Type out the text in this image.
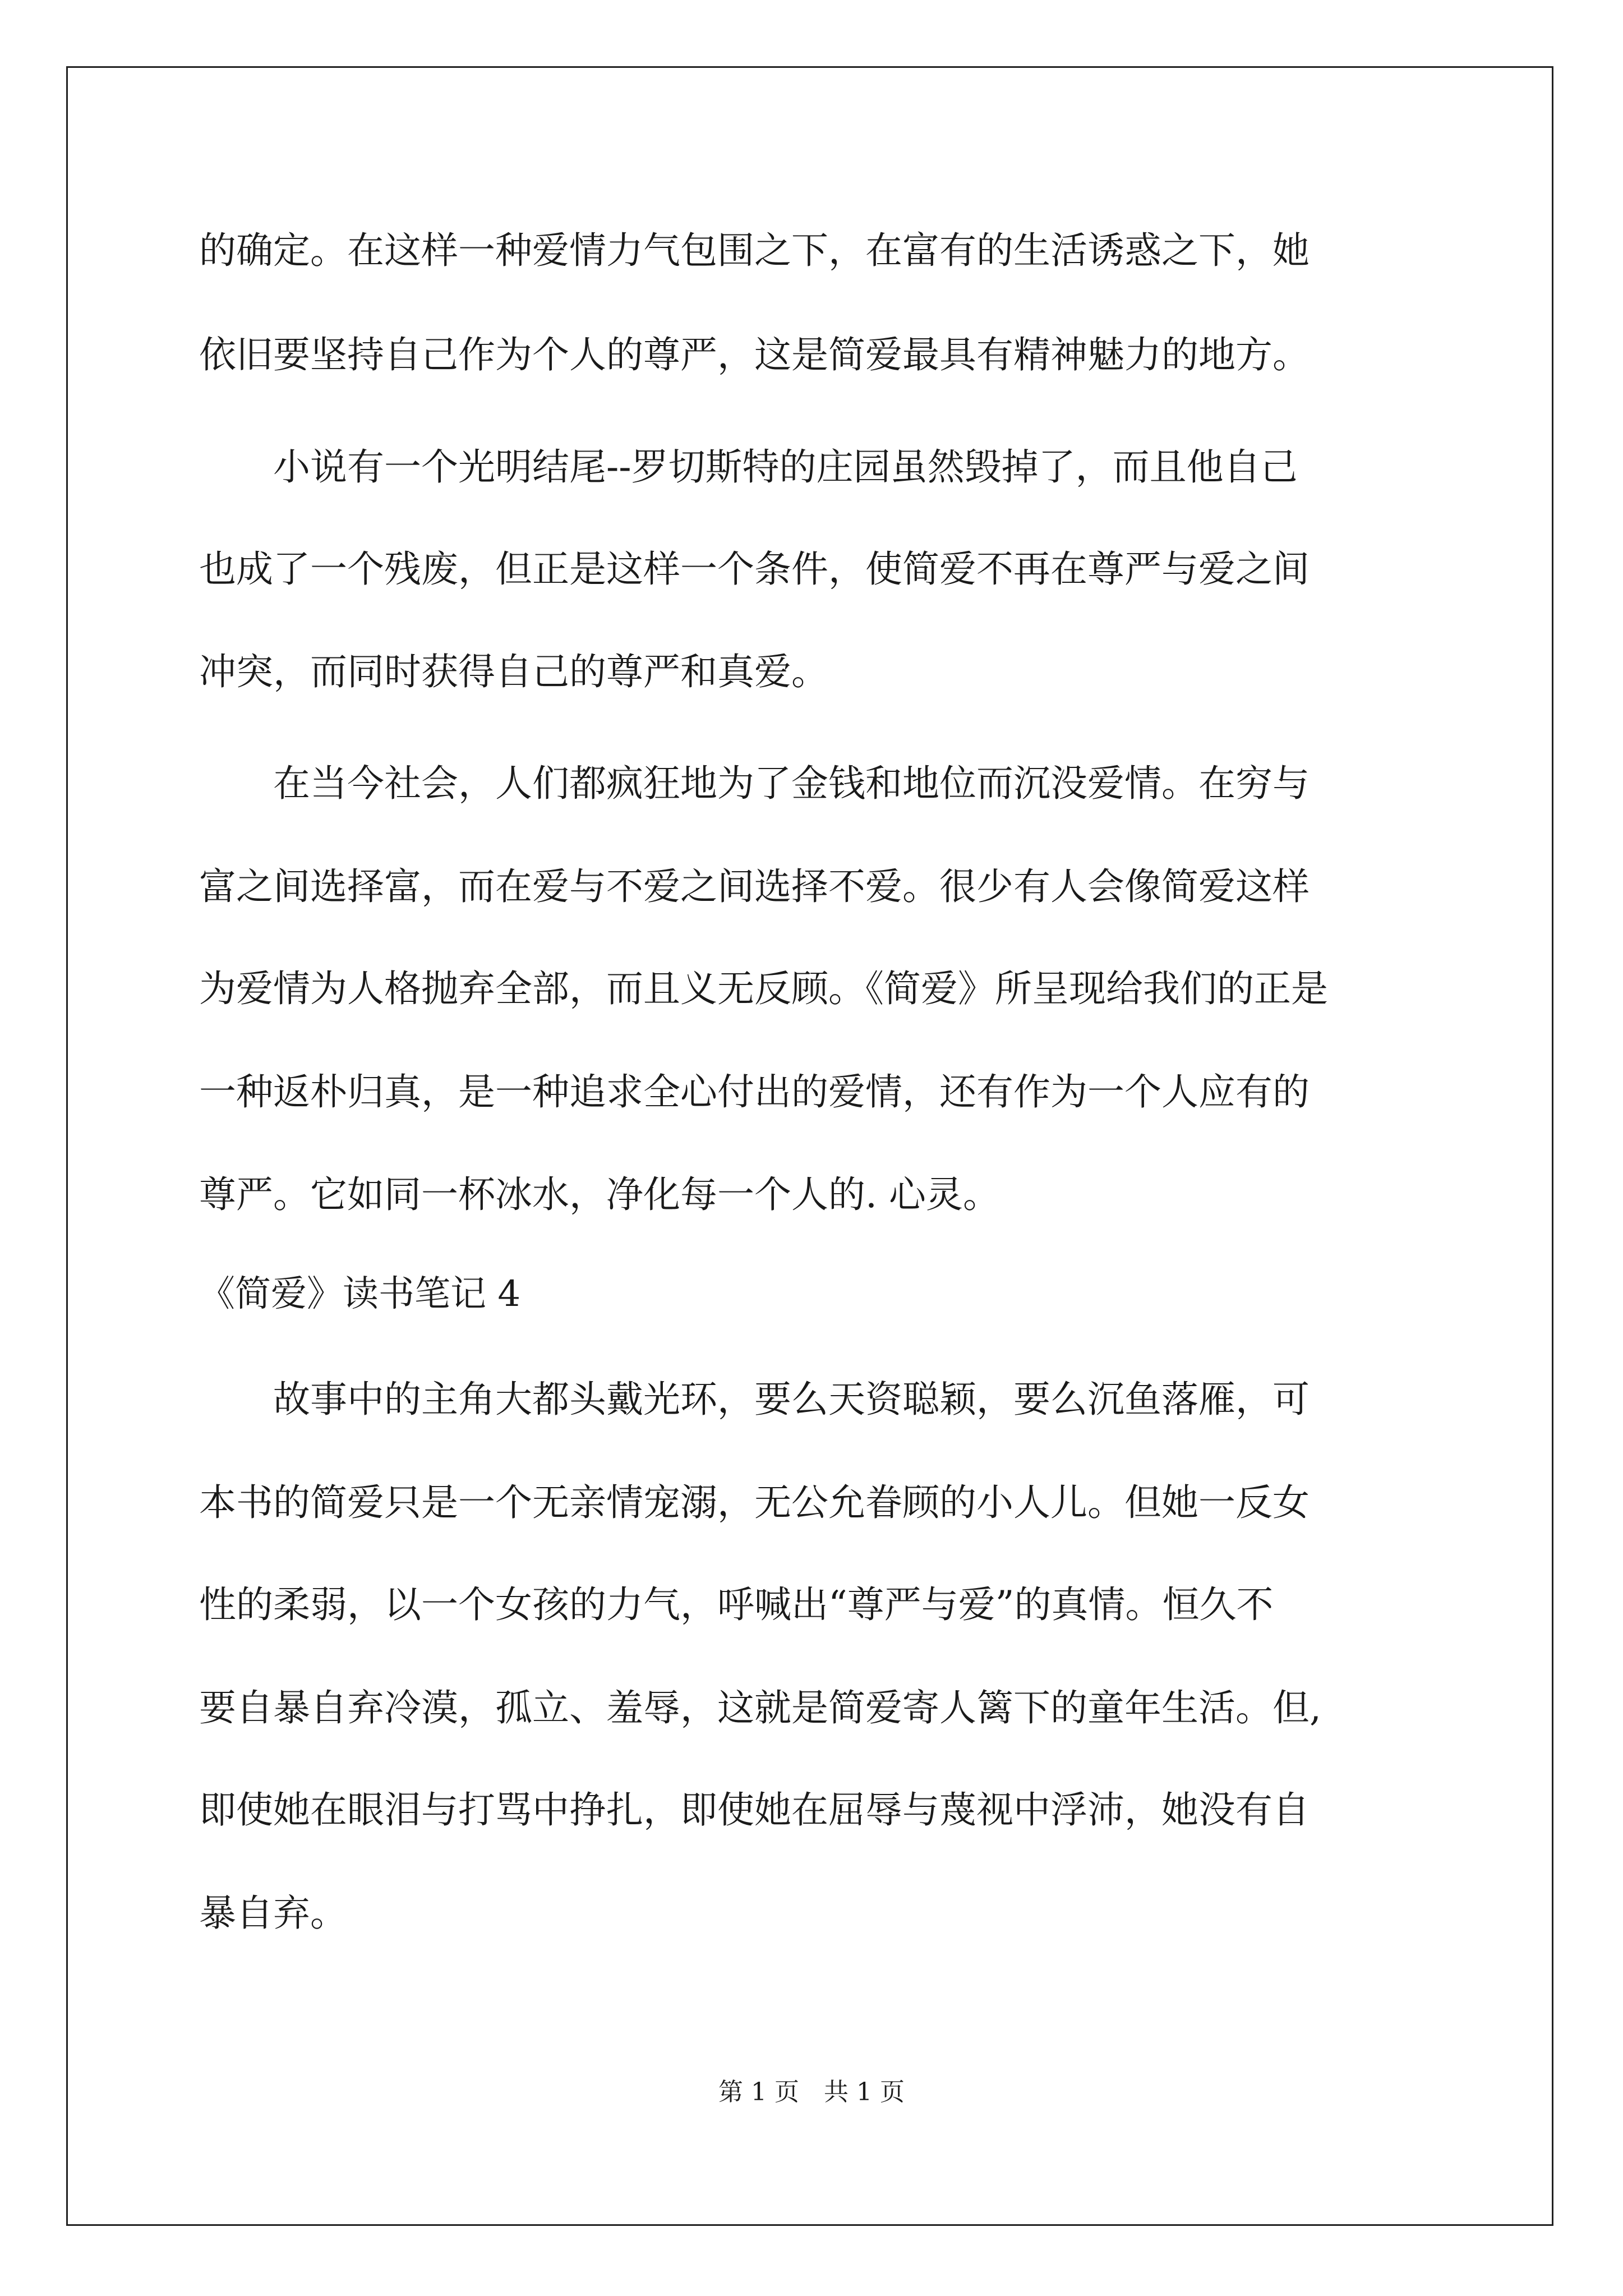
的确定。在这样一种爱情力气包围之下，在富有的生活诱惑之下，她
依旧要坚持自己作为个人的尊严，这是简爱最具有精神魅力的地方。
　　小说有一个光明结尾--罗切斯特的庄园虽然毁掉了，而且他自己
也成了一个残废，但正是这样一个条件，使简爱不再在尊严与爱之间
冲突，而同时获得自己的尊严和真爱。
　　在当今社会，人们都疯狂地为了金钱和地位而沉没爱情。在穷与
富之间选择富，而在爱与不爱之间选择不爱。很少有人会像简爱这样
为爱情为人格抛弃全部，而且义无反顾。《简爱》所呈现给我们的正是
一种返朴归真，是一种追求全心付出的爱情，还有作为一个人应有的
尊严。它如同一杯冰水，净化每一个人的. 心灵。
《简爱》读书笔记 4
　　故事中的主角大都头戴光环，要么天资聪颖，要么沉鱼落雁，可
本书的简爱只是一个无亲情宠溺，无公允眷顾的小人儿。但她一反女
性的柔弱，以一个女孩的力气，呼喊出“尊严与爱”的真情。恒久不
要自暴自弃冷漠，孤立、羞辱，这就是简爱寄人篱下的童年生活。但,
即使她在眼泪与打骂中挣扎，即使她在屈辱与蔑视中浮沛，她没有自
暴自弃。
第 1 页　共 1 页
